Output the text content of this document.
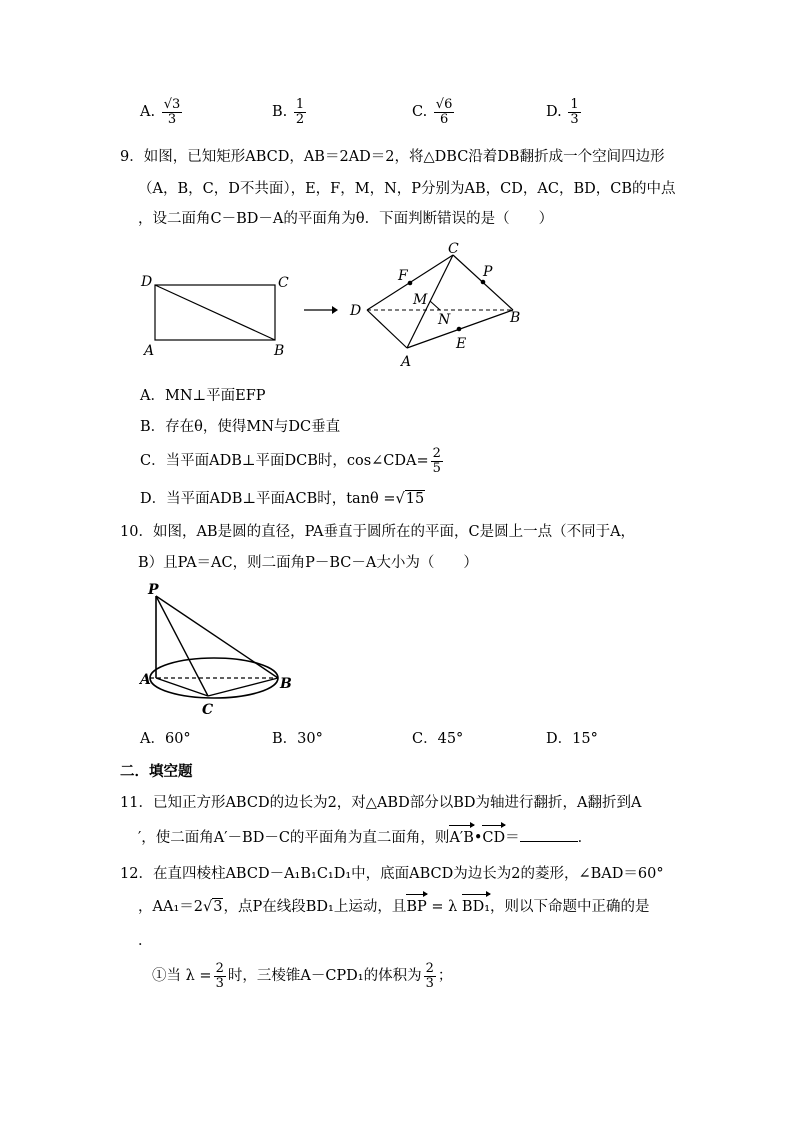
A. $\frac{√3}{3}$	B. $\frac{1}{2}$	C. $\frac{√6}{6}$	D. $\frac{1}{3}$
9．如图，已知矩形ABCD，AB＝2AD＝2，将△DBC沿着DB翻折成一个空间四边形
（A，B，C，D不共面），E，F，M，N，P分别为AB，CD，AC，BD，CB的中点
，设二面角C－BD－A的平面角为θ．下面判断错误的是（　　）
D	C
A	B
C
F	P
M
D
N	B
E
A
A．MN⊥平面EFP
B．存在θ，使得MN与DC垂直
C．当平面ADB⊥平面DCB时，cos∠CDA= $\frac{2}{5}$
D．当平面ADB⊥平面ACB时，tanθ =√15
10．如图，AB是圆的直径，PA垂直于圆所在的平面，C是圆上一点（不同于A，
B）且PA＝AC，则二面角P－BC－A大小为（　　）
P
A	B
C
A．60°	B．30°	C．45°	D．15°
二．填空题
11．已知正方形ABCD的边长为2，对△ABD部分以BD为轴进行翻折，A翻折到A
′，使二面角A′－BD－C的平面角为直二面角，则
A′B•
CD＝	．
12．在直四棱柱ABCD－A₁B₁C₁D₁中，底面ABCD为边长为2的菱形，∠BAD＝60°
，AA₁＝2√3，点P在线段BD₁上运动，且
BP = λ
BD₁，则以下命题中正确的是
．
①当 $\lambda = \frac{2}{3}$ 时，三棱锥A－CPD₁的体积为 $\frac{2}{3}$ ；
